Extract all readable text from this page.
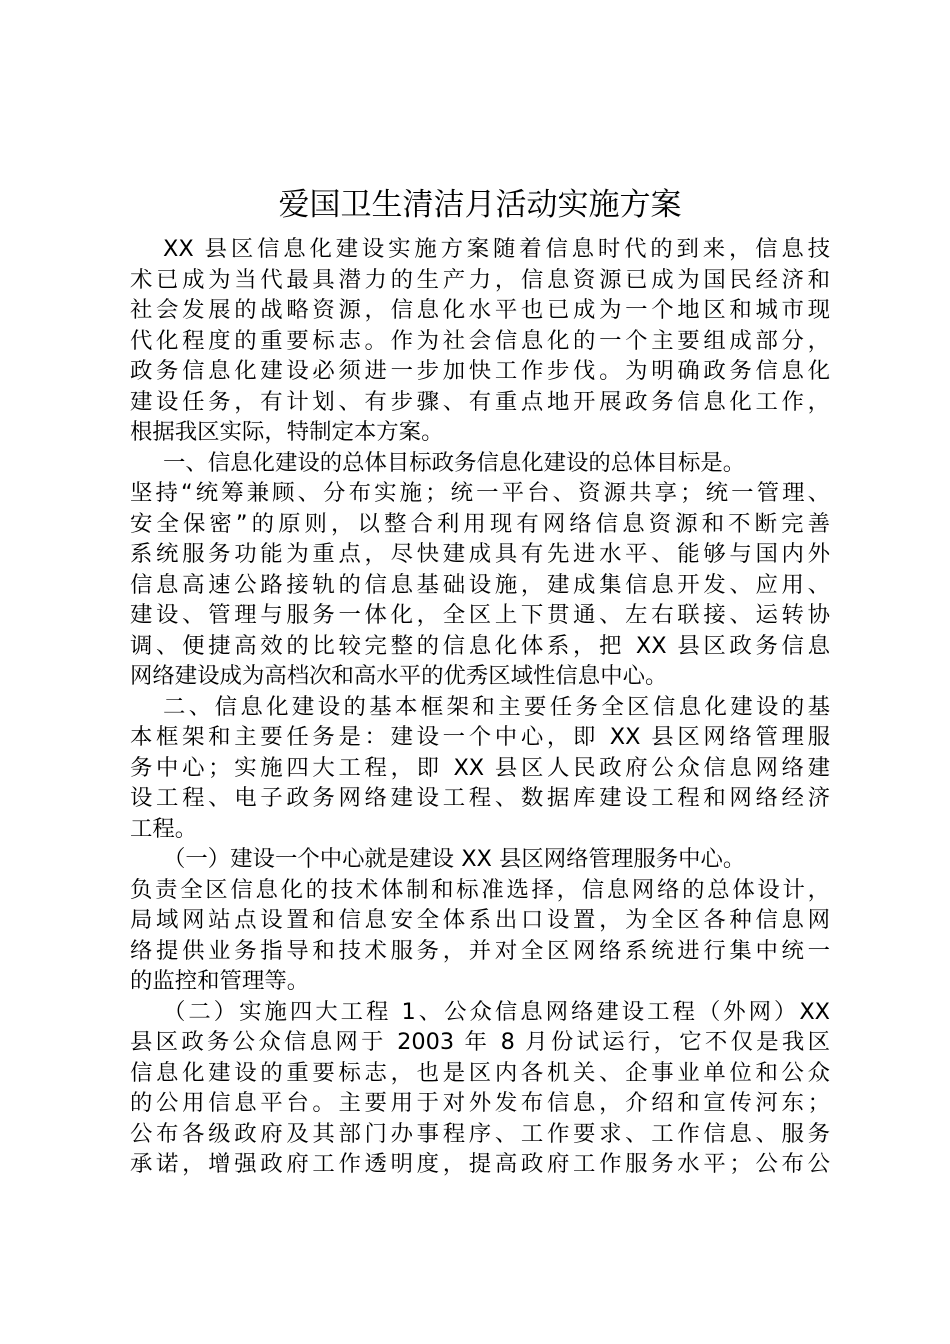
爱国卫生清洁月活动实施方案
XX 县区信息化建设实施方案随着信息时代的到来，信息技
术已成为当代最具潜力的生产力，信息资源已成为国民经济和
社会发展的战略资源，信息化水平也已成为一个地区和城市现
代化程度的重要标志。作为社会信息化的一个主要组成部分，
政务信息化建设必须进一步加快工作步伐。为明确政务信息化
建设任务，有计划、有步骤、有重点地开展政务信息化工作，
根据我区实际，特制定本方案。
一、信息化建设的总体目标政务信息化建设的总体目标是。
坚持“统筹兼顾、分布实施；统一平台、资源共享；统一管理、
安全保密”的原则，以整合利用现有网络信息资源和不断完善
系统服务功能为重点，尽快建成具有先进水平、能够与国内外
信息高速公路接轨的信息基础设施，建成集信息开发、应用、
建设、管理与服务一体化，全区上下贯通、左右联接、运转协
调、便捷高效的比较完整的信息化体系，把 XX 县区政务信息
网络建设成为高档次和高水平的优秀区域性信息中心。
二、信息化建设的基本框架和主要任务全区信息化建设的基
本框架和主要任务是：建设一个中心，即 XX 县区网络管理服
务中心；实施四大工程，即 XX 县区人民政府公众信息网络建
设工程、电子政务网络建设工程、数据库建设工程和网络经济
工程。
（一）建设一个中心就是建设 XX 县区网络管理服务中心。
负责全区信息化的技术体制和标准选择，信息网络的总体设计，
局域网站点设置和信息安全体系出口设置，为全区各种信息网
络提供业务指导和技术服务，并对全区网络系统进行集中统一
的监控和管理等。
（二）实施四大工程 1、公众信息网络建设工程（外网）XX
县区政务公众信息网于 2003 年 8 月份试运行，它不仅是我区
信息化建设的重要标志，也是区内各机关、企事业单位和公众
的公用信息平台。主要用于对外发布信息，介绍和宣传河东；
公布各级政府及其部门办事程序、工作要求、工作信息、服务
承诺，增强政府工作透明度，提高政府工作服务水平；公布公
